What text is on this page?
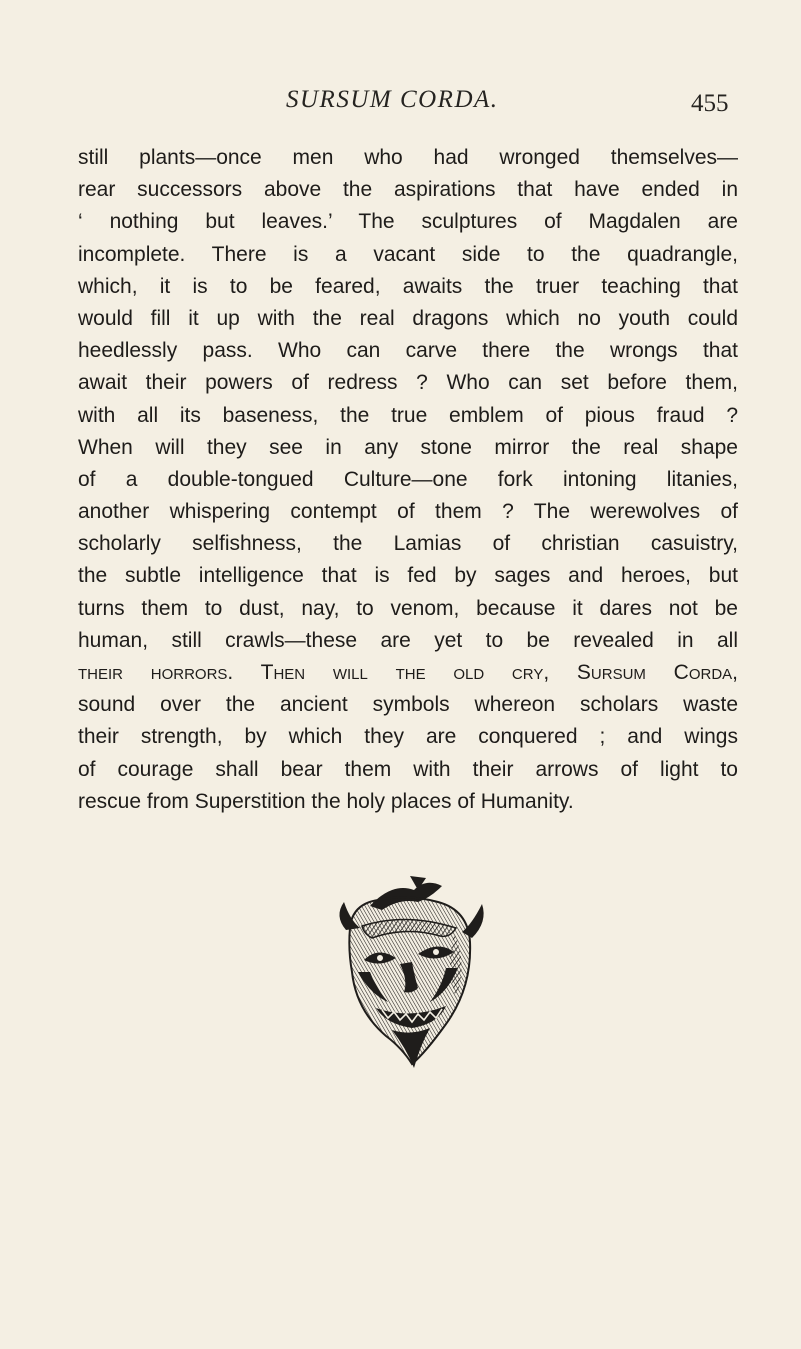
SURSUM CORDA.	455
still plants—once men who had wronged themselves—
rear successors above the aspirations that have ended in
‘ nothing but leaves.’ The sculptures of Magdalen are
incomplete. There is a vacant side to the quadrangle,
which, it is to be feared, awaits the truer teaching that
would fill it up with the real dragons which no youth could
heedlessly pass. Who can carve there the wrongs that
await their powers of redress ? Who can set before them,
with all its baseness, the true emblem of pious fraud ?
When will they see in any stone mirror the real shape
of a double-tongued Culture—one fork intoning litanies,
another whispering contempt of them ? The werewolves of
scholarly selfishness, the Lamias of christian casuistry,
the subtle intelligence that is fed by sages and heroes, but
turns them to dust, nay, to venom, because it dares not be
human, still crawls—these are yet to be revealed in all
their horrors. Then will the old cry, Sursum Corda,
sound over the ancient symbols whereon scholars waste
their strength, by which they are conquered ; and wings
of courage shall bear them with their arrows of light to
rescue from Superstition the holy places of Humanity.
